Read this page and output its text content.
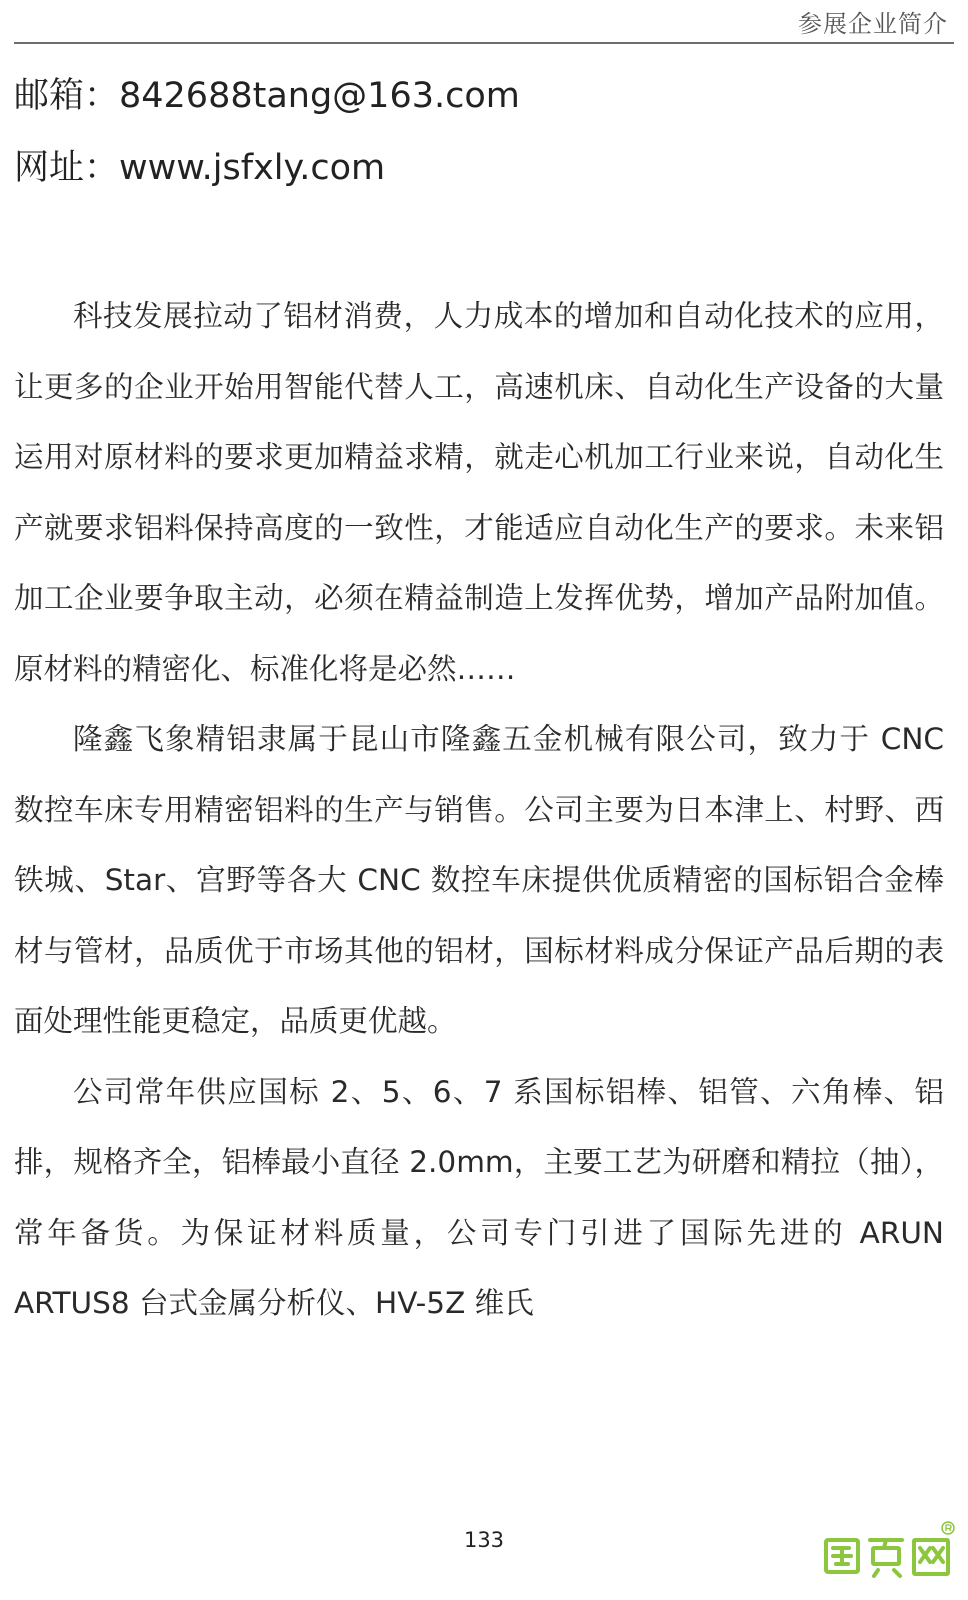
参展企业简介
邮箱：842688tang@163.com
网址：www.jsfxly.com

科技发展拉动了铝材消费，人力成本的增加和自动化技术的应用，让更多的企业开始用智能代替人工，高速机床、自动化生产设备的大量运用对原材料的要求更加精益求精，就走心机加工行业来说，自动化生产就要求铝料保持高度的一致性，才能适应自动化生产的要求。未来铝加工企业要争取主动，必须在精益制造上发挥优势，增加产品附加值。原材料的精密化、标准化将是必然……

隆鑫飞象精铝隶属于昆山市隆鑫五金机械有限公司，致力于 CNC 数控车床专用精密铝料的生产与销售。公司主要为日本津上、村野、西铁城、Star、宫野等各大 CNC 数控车床提供优质精密的国标铝合金棒材与管材，品质优于市场其他的铝材，国标材料成分保证产品后期的表面处理性能更稳定，品质更优越。

公司常年供应国标 2、5、6、7 系国标铝棒、铝管、六角棒、铝排，规格齐全，铝棒最小直径 2.0mm，主要工艺为研磨和精拉（抽），常年备货。为保证材料质量，公司专门引进了国际先进的 ARUN ARTUS8 台式金属分析仪、HV-5Z 维氏

133
